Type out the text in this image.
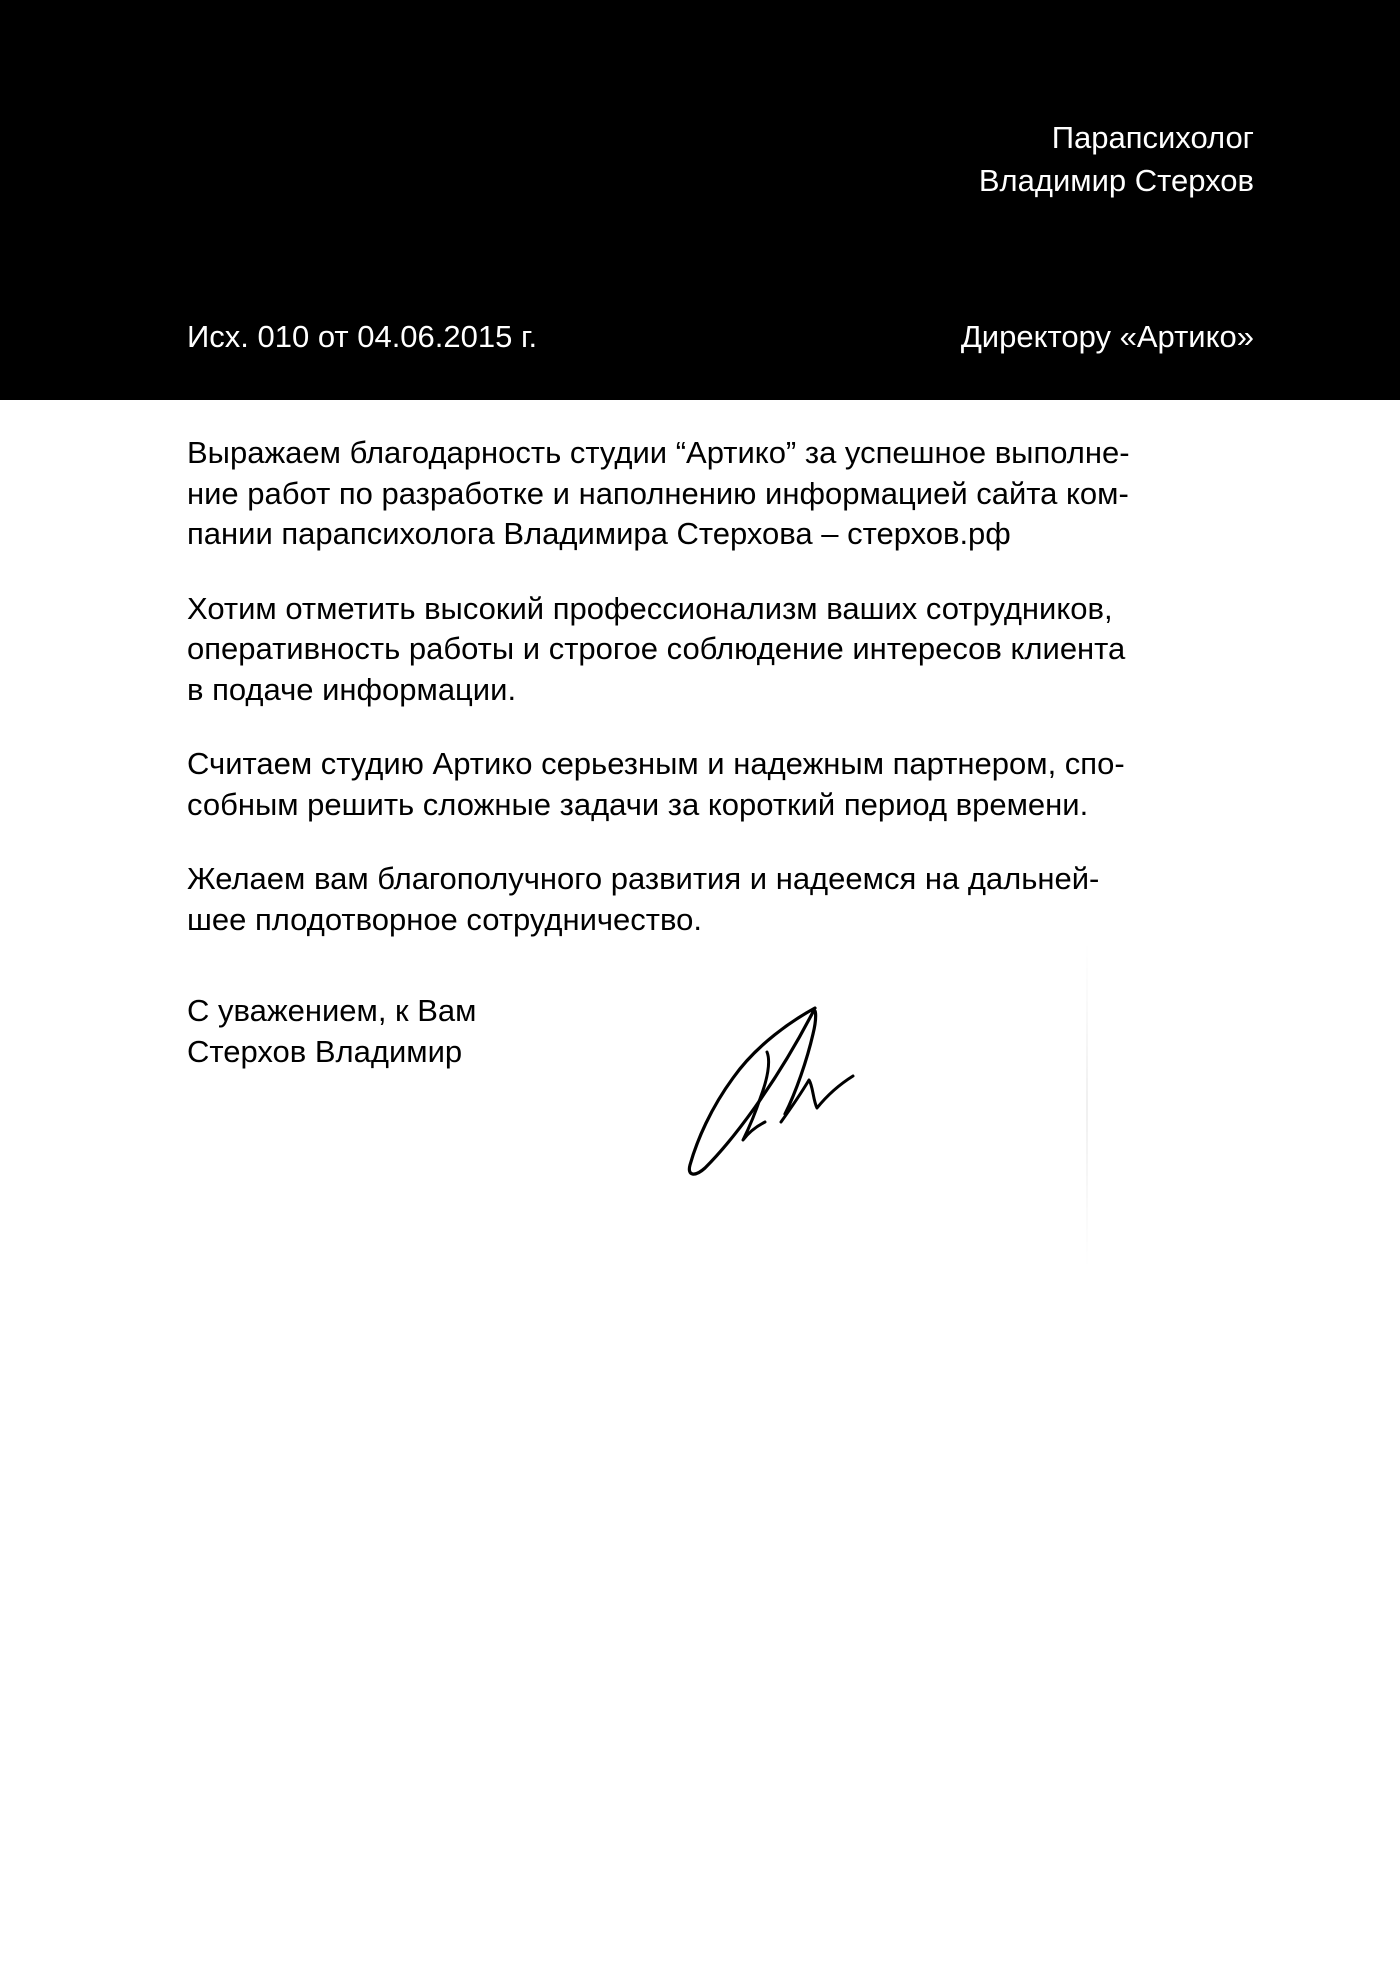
Парапсихолог
Владимир Стерхов
Исх. 010 от 04.06.2015 г.	Директору «Артико»
Выражаем благодарность студии “Артико” за успешное выполне-
ние работ по разработке и наполнению информацией сайта ком-
пании парапсихолога Владимира Стерхова – стерхов.рф
Хотим отметить высокий профессионализм ваших сотрудников,
оперативность работы и строгое соблюдение интересов клиента
в подаче информации.
Считаем студию Артико серьезным и надежным партнером, спо-
собным решить сложные задачи за короткий период времени.
Желаем вам благополучного развития и надеемся на дальней-
шее плодотворное сотрудничество.
С уважением, к Вам
Стерхов Владимир
